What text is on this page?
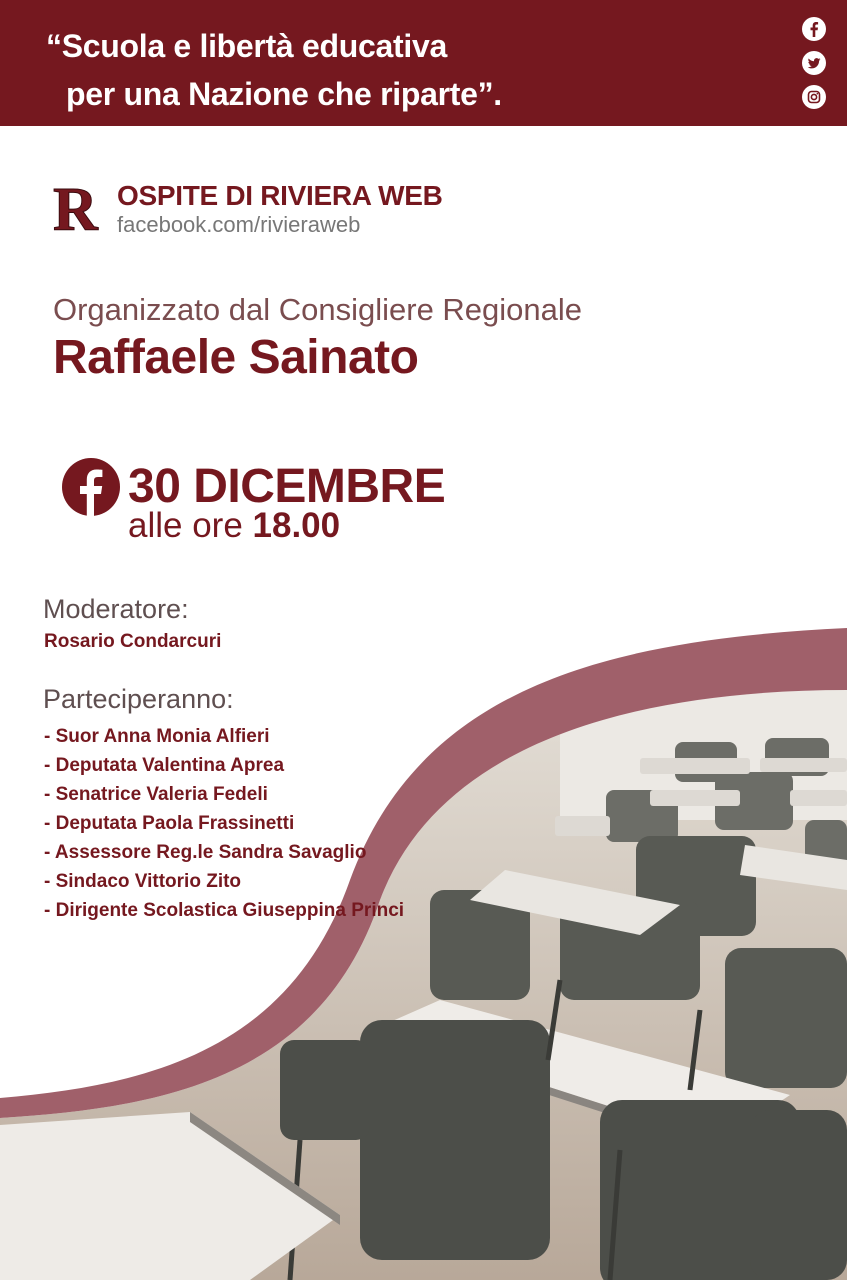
“Scuola e libertà educativa
per una Nazione che riparte”.
R OSPITE DI RIVIERA WEB
facebook.com/rivieraweb
Organizzato dal Consigliere Regionale
Raffaele Sainato
30 DICEMBRE
alle ore 18.00
Moderatore:
Rosario Condarcuri
Parteciperanno:
- Suor Anna Monia Alfieri
- Deputata Valentina Aprea
- Senatrice Valeria Fedeli
- Deputata Paola Frassinetti
- Assessore Reg.le Sandra Savaglio
- Sindaco Vittorio Zito
- Dirigente Scolastica Giuseppina Princi
